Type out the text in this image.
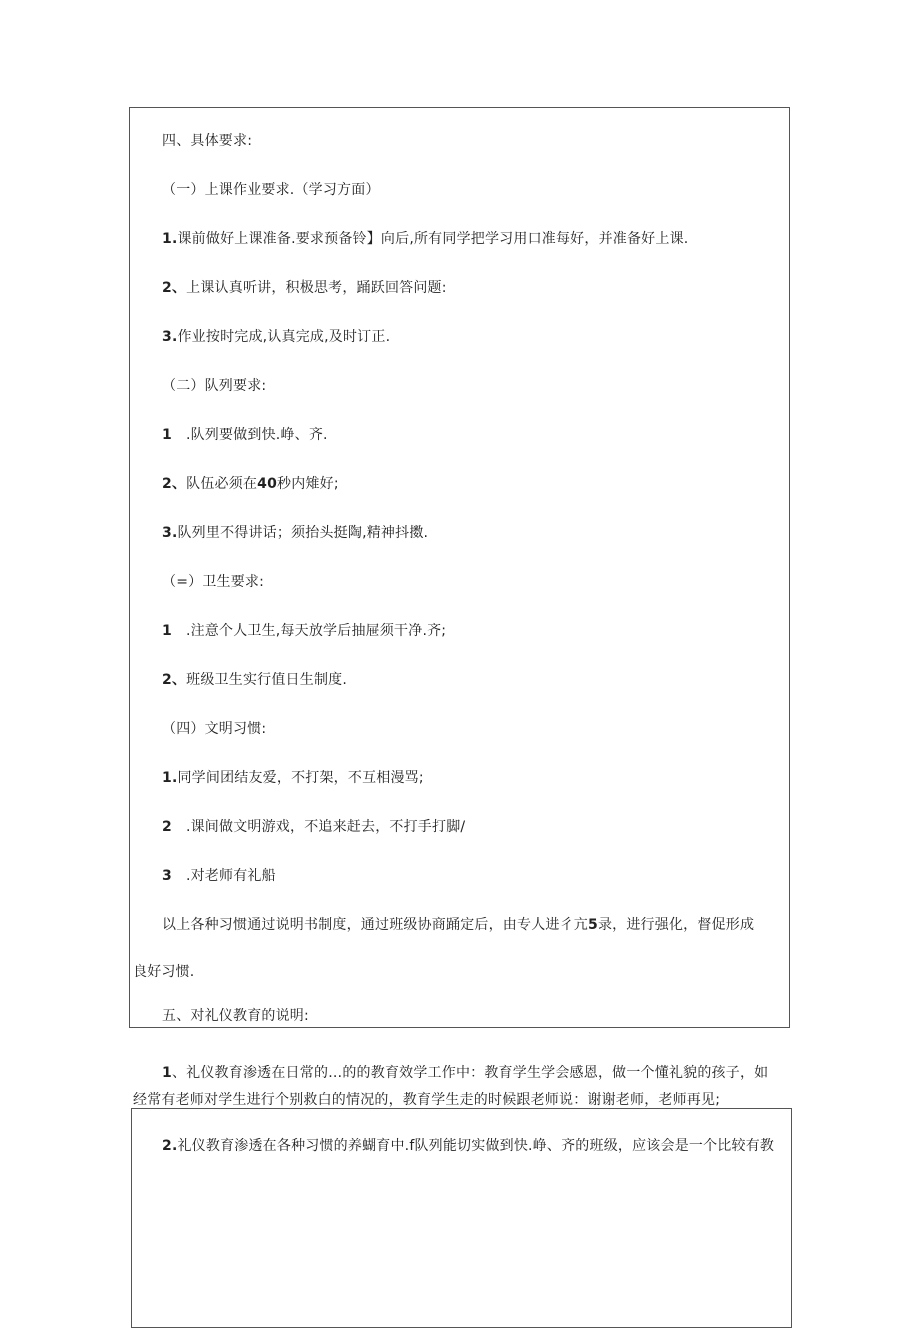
四、具体要求:
（一）上课作业要求.（学习方面）
1.课前做好上课准备.要求预备铃】向后,所有同学把学习用口准每好，并准备好上课.
2、上课认真听讲，积极思考，踊跃回答问题:
3.作业按时完成,认真完成,及时订正.
（二）队列要求:
1 .队列要做到快.峥、齐.
2、队伍必须在40秒内雉好;
3.队列里不得讲话；须抬头挺陶,精神抖擞.
（=）卫生要求:
1 .注意个人卫生,每天放学后抽屉须干净.齐;
2、班级卫生实行值日生制度.
（四）文明习惯:
1.同学间团结友爱，不打架，不互相漫骂;
2 .课间做文明游戏，不追来赶去，不打手打脚/
3 .对老师有礼船
以上各种习惯通过说明书制度，通过班级协商踊定后，由专人进彳亢5录，进行强化，督促形成
良好习惯.
五、对礼仪教育的说明:
1、礼仪教育渗透在日常的…的的教育效学工作中：教育学生学会感恩，做一个懂礼貌的孩子，如
经常有老师对学生进行个别救白的情况的，教育学生走的时候跟老师说：谢谢老师，老师再见;
2.礼仪教育渗透在各种习惯的养蝴育中.f队列能切实做到快.峥、齐的班级，应该会是一个比较有教
